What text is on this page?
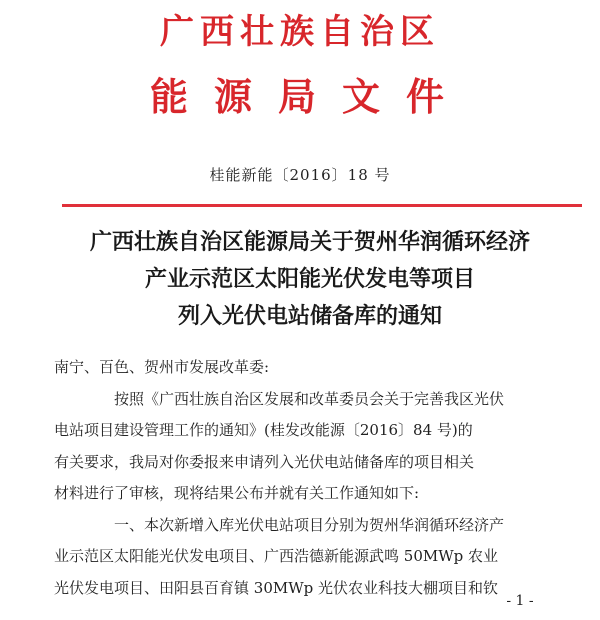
广西壮族自治区
能源局文件
桂能新能〔2016〕18 号
广西壮族自治区能源局关于贺州华润循环经济
产业示范区太阳能光伏发电等项目
列入光伏电站储备库的通知
南宁、百色、贺州市发展改革委:
按照《广西壮族自治区发展和改革委员会关于完善我区光伏
电站项目建设管理工作的通知》(桂发改能源〔2016〕84 号)的
有关要求，我局对你委报来申请列入光伏电站储备库的项目相关
材料进行了审核，现将结果公布并就有关工作通知如下:
一、本次新增入库光伏电站项目分别为贺州华润循环经济产
业示范区太阳能光伏发电项目、广西浩德新能源武鸣 50MWp 农业
光伏发电项目、田阳县百育镇 30MWp 光伏农业科技大棚项目和钦
- 1 -
